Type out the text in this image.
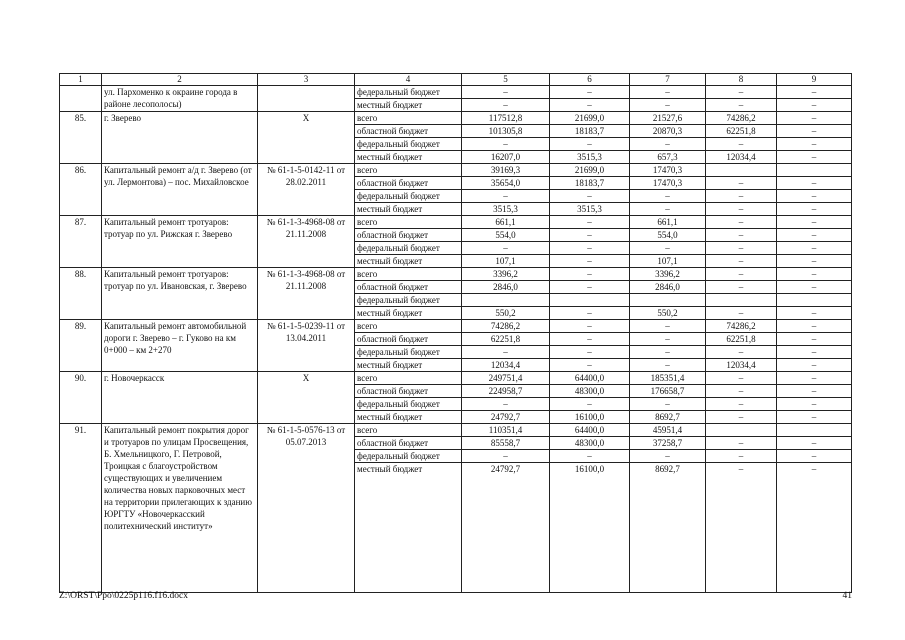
1	2	3	4	5	6	7	8	9
	ул. Пархоменко к окраине города в районе лесополосы)		федеральный бюджет	–	–	–	–	–
			местный бюджет	–	–	–	–	–
85.	г. Зверево	Х	всего	117512,8	21699,0	21527,6	74286,2	–
			областной бюджет	101305,8	18183,7	20870,3	62251,8	–
			федеральный бюджет	–	–	–	–	–
			местный бюджет	16207,0	3515,3	657,3	12034,4	–
86.	Капитальный ремонт а/д г. Зверево (от ул. Лермонтова) – пос. Михайловское	№ 61-1-5-0142-11 от 28.02.2011	всего	39169,3	21699,0	17470,3		
			областной бюджет	35654,0	18183,7	17470,3	–	–
			федеральный бюджет	–	–	–	–	–
			местный бюджет	3515,3	3515,3	–	–	–
87.	Капитальный ремонт тротуаров: тротуар по ул. Рижская г. Зверево	№ 61-1-3-4968-08 от 21.11.2008	всего	661,1	–	661,1	–	–
			областной бюджет	554,0	–	554,0	–	–
			федеральный бюджет	–	–	–	–	–
			местный бюджет	107,1	–	107,1	–	–
88.	Капитальный ремонт тротуаров: тротуар по ул. Ивановская, г. Зверево	№ 61-1-3-4968-08 от 21.11.2008	всего	3396,2	–	3396,2	–	–
			областной бюджет	2846,0	–	2846,0	–	–
			федеральный бюджет					
			местный бюджет	550,2	–	550,2	–	–
89.	Капитальный ремонт автомобильной дороги г. Зверево – г. Гуково на км 0+000 – км 2+270	№ 61-1-5-0239-11 от 13.04.2011	всего	74286,2	–	–	74286,2	–
			областной бюджет	62251,8	–	–	62251,8	–
			федеральный бюджет	–	–	–	–	–
			местный бюджет	12034,4	–	–	12034,4	–
90.	г. Новочеркасск	Х	всего	249751,4	64400,0	185351,4	–	–
			областной бюджет	224958,7	48300,0	176658,7	–	–
			федеральный бюджет	–	–	–	–	–
			местный бюджет	24792,7	16100,0	8692,7	–	–
91.	Капитальный ремонт покрытия дорог и тротуаров по улицам Просвещения, Б. Хмельницкого, Г. Петровой, Троицкая с благоустройством существующих и увеличением количества новых парковочных мест на территории прилегающих к зданию ЮРГТУ «Новочеркасский политехнический институт»	№ 61-1-5-0576-13 от 05.07.2013	всего	110351,4	64400,0	45951,4		
			областной бюджет	85558,7	48300,0	37258,7	–	–
			федеральный бюджет	–	–	–	–	–
			местный бюджет	24792,7	16100,0	8692,7	–	–
Z:\ORST\Ppo\0225p116.f16.docx	41
